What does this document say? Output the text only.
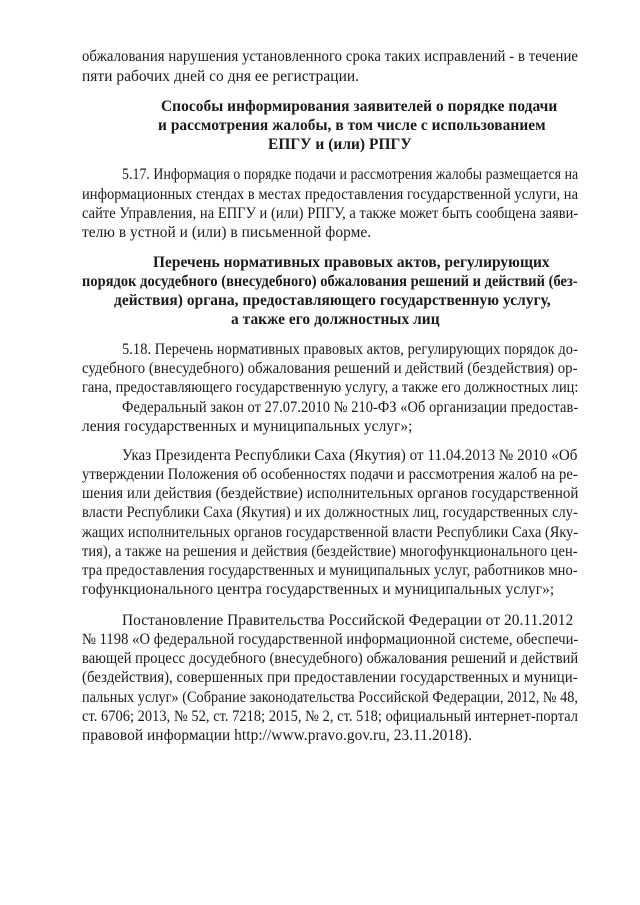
обжалования нарушения установленного срока таких исправлений - в течение
пяти рабочих дней со дня ее регистрации.
Способы информирования заявителей о порядке подачи
и рассмотрения жалобы, в том числе с использованием
ЕПГУ и (или) РПГУ
5.17. Информация о порядке подачи и рассмотрения жалобы размещается на
информационных стендах в местах предоставления государственной услуги, на
сайте Управления, на ЕПГУ и (или) РПГУ, а также может быть сообщена заяви-
телю в устной и (или) в письменной форме.
Перечень нормативных правовых актов, регулирующих
порядок досудебного (внесудебного) обжалования решений и действий (без-
действия) органа, предоставляющего государственную услугу,
а также его должностных лиц
5.18. Перечень нормативных правовых актов, регулирующих порядок до-
судебного (внесудебного) обжалования решений и действий (бездействия) ор-
гана, предоставляющего государственную услугу, а также его должностных лиц:
Федеральный закон от 27.07.2010 № 210-ФЗ «Об организации предостав-
ления государственных и муниципальных услуг»;
Указ Президента Республики Саха (Якутия) от 11.04.2013 № 2010 «Об
утверждении Положения об особенностях подачи и рассмотрения жалоб на ре-
шения или действия (бездействие) исполнительных органов государственной
власти Республики Саха (Якутия) и их должностных лиц, государственных слу-
жащих исполнительных органов государственной власти Республики Саха (Яку-
тия), а также на решения и действия (бездействие) многофункционального цен-
тра предоставления государственных и муниципальных услуг, работников мно-
гофункционального центра государственных и муниципальных услуг»;
Постановление Правительства Российской Федерации от 20.11.2012
№ 1198 «О федеральной государственной информационной системе, обеспечи-
вающей процесс досудебного (внесудебного) обжалования решений и действий
(бездействия), совершенных при предоставлении государственных и муници-
пальных услуг» (Собрание законодательства Российской Федерации, 2012, № 48,
ст. 6706; 2013, № 52, ст. 7218; 2015, № 2, ст. 518; официальный интернет-портал
правовой информации http://www.pravo.gov.ru, 23.11.2018).
